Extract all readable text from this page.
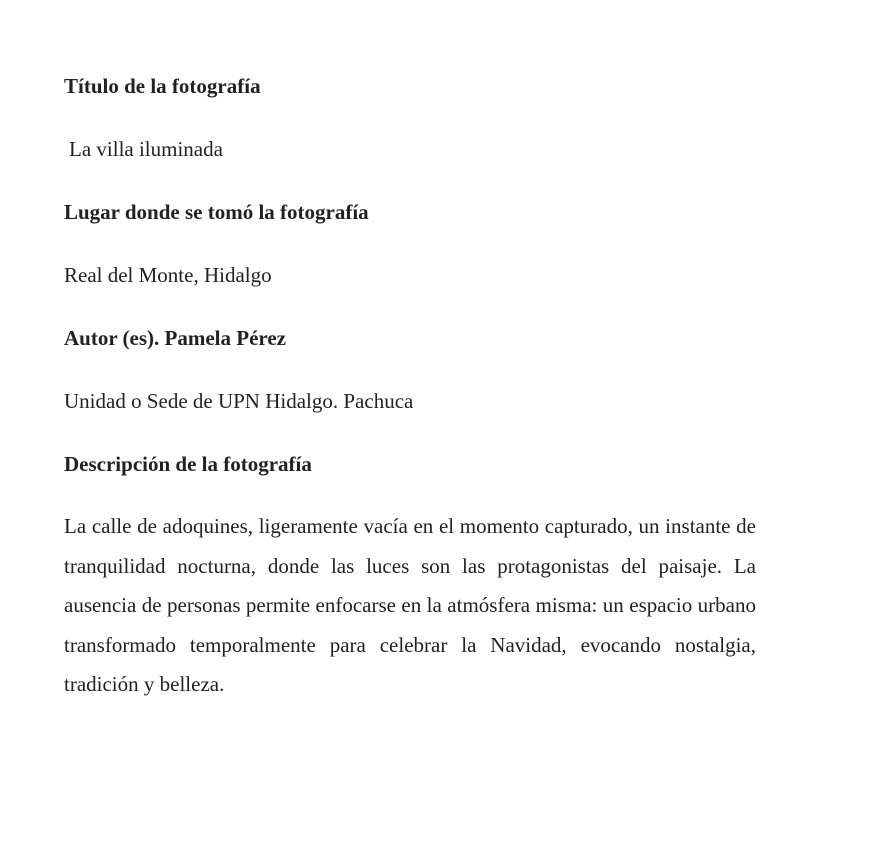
Título de la fotografía

La villa iluminada

Lugar donde se tomó la fotografía

Real del Monte, Hidalgo

Autor (es). Pamela Pérez

Unidad o Sede de UPN Hidalgo. Pachuca

Descripción de la fotografía

La calle de adoquines, ligeramente vacía en el momento capturado, un instante de tranquilidad nocturna, donde las luces son las protagonistas del paisaje. La ausencia de personas permite enfocarse en la atmósfera misma: un espacio urbano transformado temporalmente para celebrar la Navidad, evocando nostalgia, tradición y belleza.
